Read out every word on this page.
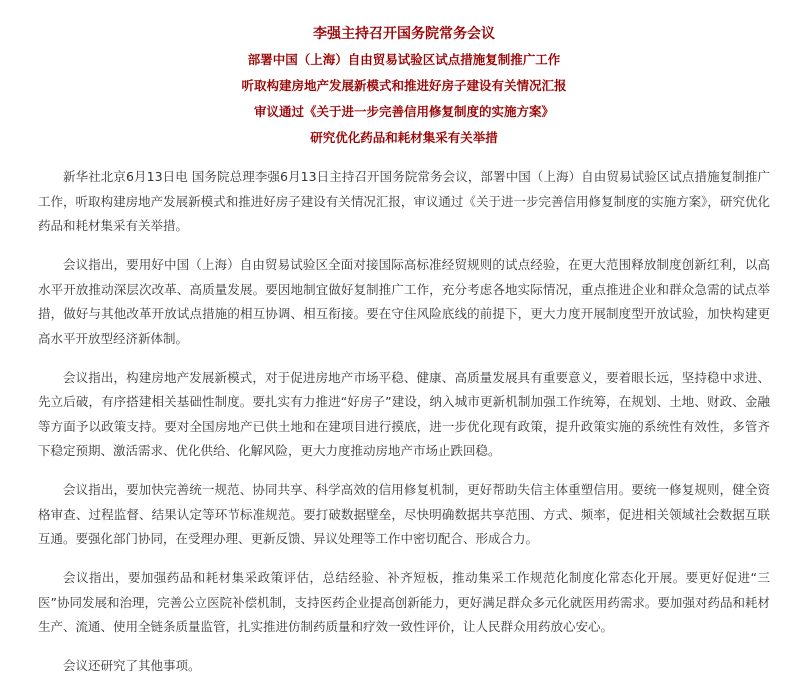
李强主持召开国务院常务会议
部署中国（上海）自由贸易试验区试点措施复制推广工作
听取构建房地产发展新模式和推进好房子建设有关情况汇报
审议通过《关于进一步完善信用修复制度的实施方案》
研究优化药品和耗材集采有关举措

新华社北京6月13日电 国务院总理李强6月13日主持召开国务院常务会议，部署中国（上海）自由贸易试验区试点措施复制推广工作，听取构建房地产发展新模式和推进好房子建设有关情况汇报，审议通过《关于进一步完善信用修复制度的实施方案》，研究优化药品和耗材集采有关举措。

会议指出，要用好中国（上海）自由贸易试验区全面对接国际高标准经贸规则的试点经验，在更大范围释放制度创新红利，以高水平开放推动深层次改革、高质量发展。要因地制宜做好复制推广工作，充分考虑各地实际情况，重点推进企业和群众急需的试点举措，做好与其他改革开放试点措施的相互协调、相互衔接。要在守住风险底线的前提下，更大力度开展制度型开放试验，加快构建更高水平开放型经济新体制。

会议指出，构建房地产发展新模式，对于促进房地产市场平稳、健康、高质量发展具有重要意义，要着眼长远，坚持稳中求进、先立后破，有序搭建相关基础性制度。要扎实有力推进“好房子”建设，纳入城市更新机制加强工作统筹，在规划、土地、财政、金融等方面予以政策支持。要对全国房地产已供土地和在建项目进行摸底，进一步优化现有政策，提升政策实施的系统性有效性，多管齐下稳定预期、激活需求、优化供给、化解风险，更大力度推动房地产市场止跌回稳。

会议指出，要加快完善统一规范、协同共享、科学高效的信用修复机制，更好帮助失信主体重塑信用。要统一修复规则，健全资格审查、过程监督、结果认定等环节标准规范。要打破数据壁垒，尽快明确数据共享范围、方式、频率，促进相关领域社会数据互联互通。要强化部门协同，在受理办理、更新反馈、异议处理等工作中密切配合、形成合力。

会议指出，要加强药品和耗材集采政策评估，总结经验、补齐短板，推动集采工作规范化制度化常态化开展。要更好促进“三医”协同发展和治理，完善公立医院补偿机制，支持医药企业提高创新能力，更好满足群众多元化就医用药需求。要加强对药品和耗材生产、流通、使用全链条质量监管，扎实推进仿制药质量和疗效一致性评价，让人民群众用药放心安心。

会议还研究了其他事项。
